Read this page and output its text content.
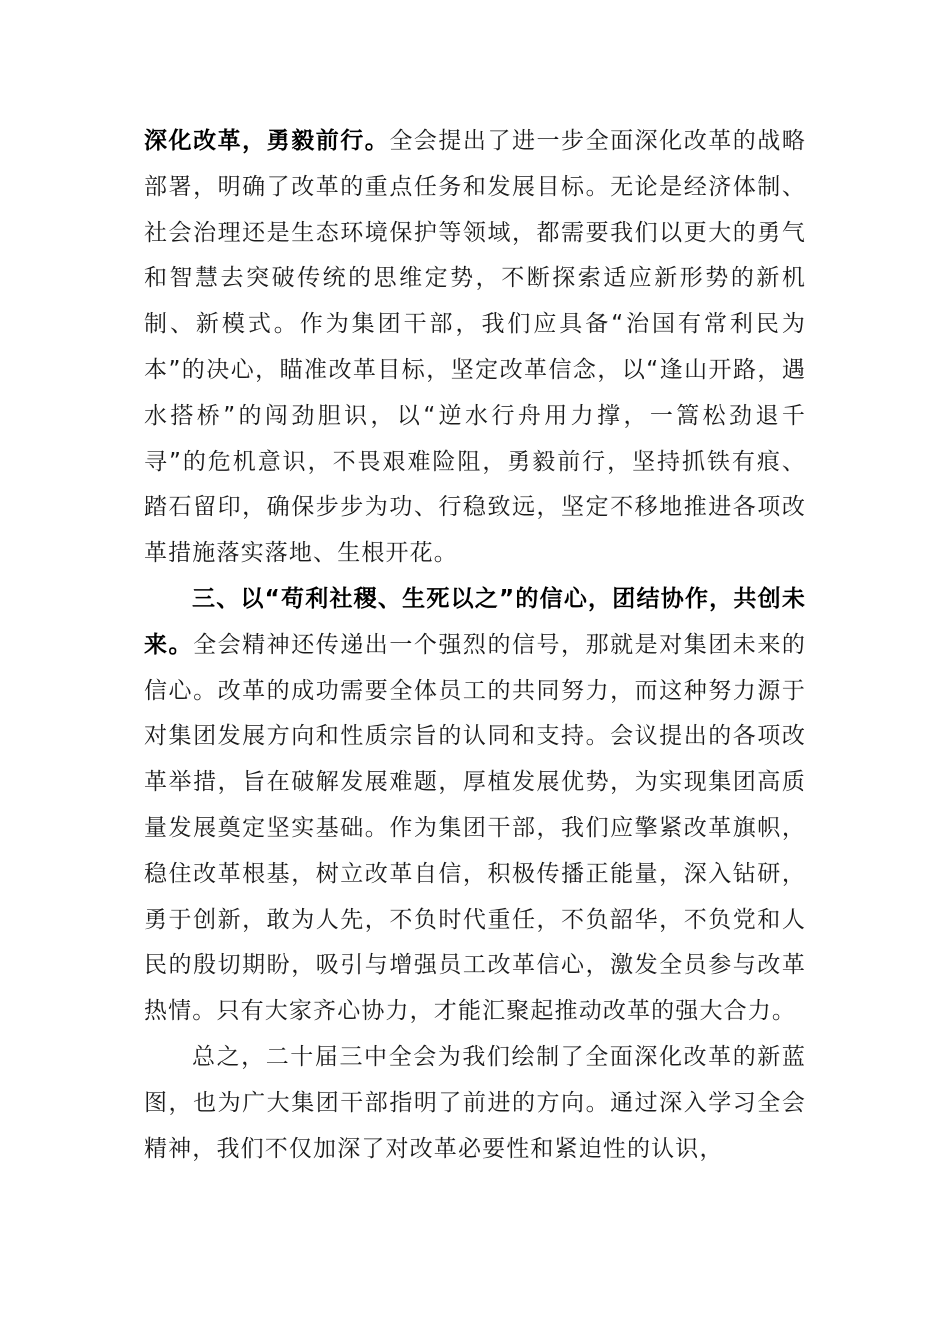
深化改革，勇毅前行。全会提出了进一步全面深化改革的战略部署，明确了改革的重点任务和发展目标。无论是经济体制、社会治理还是生态环境保护等领域，都需要我们以更大的勇气和智慧去突破传统的思维定势，不断探索适应新形势的新机制、新模式。作为集团干部，我们应具备“治国有常利民为本”的决心，瞄准改革目标，坚定改革信念，以“逢山开路，遇水搭桥”的闯劲胆识，以“逆水行舟用力撑，一篙松劲退千寻”的危机意识，不畏艰难险阻，勇毅前行，坚持抓铁有痕、踏石留印，确保步步为功、行稳致远，坚定不移地推进各项改革措施落实落地、生根开花。

三、以“苟利社稷、生死以之”的信心，团结协作，共创未来。全会精神还传递出一个强烈的信号，那就是对集团未来的信心。改革的成功需要全体员工的共同努力，而这种努力源于对集团发展方向和性质宗旨的认同和支持。会议提出的各项改革举措，旨在破解发展难题，厚植发展优势，为实现集团高质量发展奠定坚实基础。作为集团干部，我们应擎紧改革旗帜，稳住改革根基，树立改革自信，积极传播正能量，深入钻研，勇于创新，敢为人先，不负时代重任，不负韶华，不负党和人民的殷切期盼，吸引与增强员工改革信心，激发全员参与改革热情。只有大家齐心协力，才能汇聚起推动改革的强大合力。

总之，二十届三中全会为我们绘制了全面深化改革的新蓝图，也为广大集团干部指明了前进的方向。通过深入学习全会精神，我们不仅加深了对改革必要性和紧迫性的认识，
